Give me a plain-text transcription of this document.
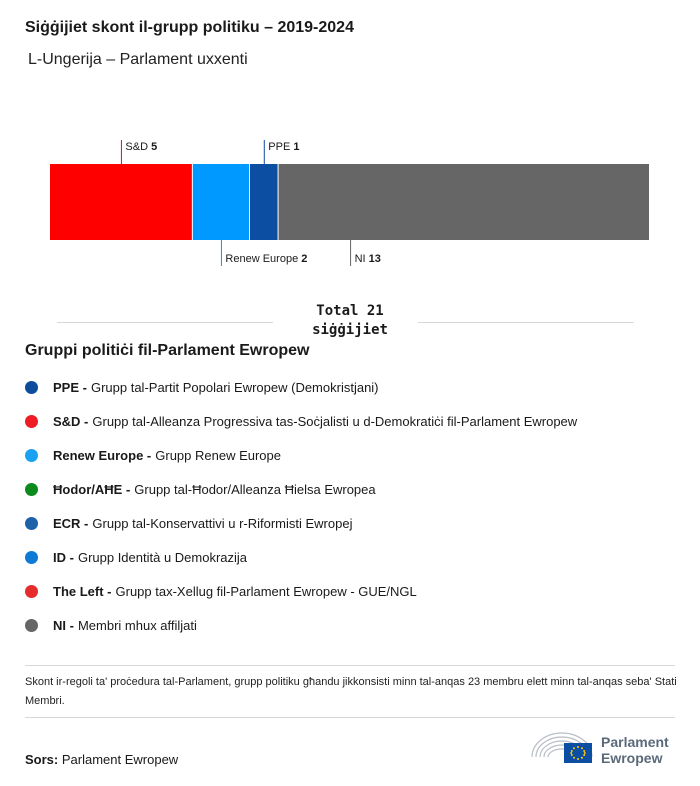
Siġġijiet skont il-grupp politiku – 2019-2024
L-Ungerija – Parlament uxxenti
S&D 5
Renew Europe 2
PPE 1
NI 13
Total 21
siġġijiet
Gruppi politiċi fil-Parlament Ewropew
PPE - Grupp tal-Partit Popolari Ewropew (Demokristjani)
S&D - Grupp tal-Alleanza Progressiva tas-Soċjalisti u d-Demokratiċi fil-Parlament Ewropew
Renew Europe - Grupp Renew Europe
Ħodor/AĦE - Grupp tal-Ħodor/Alleanza Ħielsa Ewropea
ECR - Grupp tal-Konservattivi u r-Riformisti Ewropej
ID - Grupp Identità u Demokrazija
The Left - Grupp tax-Xellug fil-Parlament Ewropew - GUE/NGL
NI - Membri mhux affiljati
Skont ir-regoli ta' proċedura tal-Parlament, grupp politiku għandu jikkonsisti minn tal-anqas 23 membru elett minn tal-anqas seba' Stati Membri.
Sors: Parlament Ewropew
Parlament
Ewropew
